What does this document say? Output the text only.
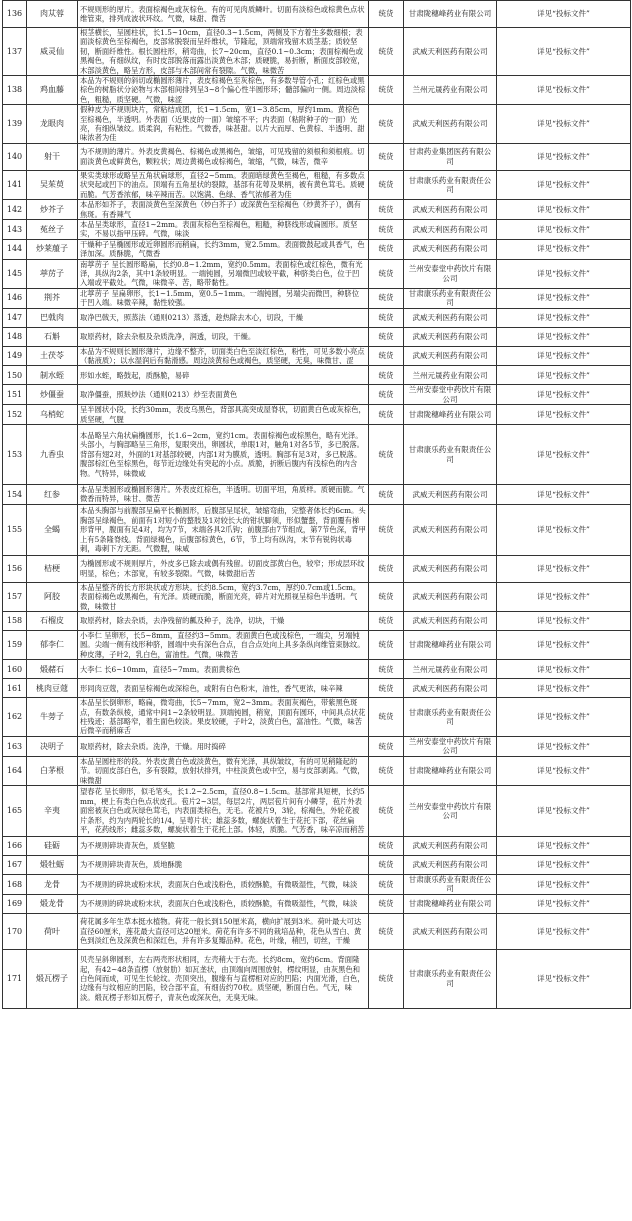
136	肉苁蓉	不规则形的厚片。表面棕褐色或灰棕色。有的可见肉质鳞叶。切面有淡棕色或棕黄色点状维管束，排列成波状环纹。气微，味甜、微苦	统货	甘肃陇穗峰药业有限公司	详见“投标文件”
137	威灵仙	根茎横长，呈圆柱状，长1.5~10cm，直径0.3~1.5cm，两侧及下方着生多数细根；表面淡棕黄色至棕褐色，皮部常脱裂而呈纤维状，节隆起，顶端常残留木质茎基；质较坚韧，断面纤维性。根长圆柱形，稍弯曲，长7~20cm，直径0.1~0.3cm；表面棕褐色或黑褐色，有细纵纹，有时皮部脱落而露出淡黄色木部；质硬脆，易折断，断面皮部较宽，木部淡黄色，略呈方形，皮部与木部间常有裂隙。气微，味微苦	统货	武威天利医药有限公司	详见“投标文件”
138	鸡血藤	本品为不规则的斜切或椭圆形薄片，表皮棕褐色至灰棕色，有多数导管小孔；红棕色或黑棕色的树脂状分泌物与木部相间排列呈3~8个偏心性半圆形环；髓部偏向一侧。周边淡棕色，粗糙，质坚硬。气微，味涩	统货	兰州元晟药业有限公司	详见“投标文件”
139	龙眼肉	假种皮为不规则块片，常粘结成团，长1~1.5cm，宽1~3.85cm，厚约1mm。黄棕色至棕褐色，半透明。外表面（近果皮的一面）皱缩不平；内表面（粘附种子的一面）光亮，有细纵皱纹。质柔润，有粘性。气微香，味甚甜。以片大而厚、色黄棕、半透明、甜味浓者为佳	统货	武威天利医药有限公司	详见“投标文件”
140	射干	为不规则的薄片。外表皮黄褐色、棕褐色或黑褐色，皱缩，可见残留的须根和须根痕。切面淡黄色或鲜黄色，颗粒状；周边黄褐色或棕褐色，皱缩，气微，味苦，微辛	统货	甘肃药业集团医药有限公司	详见“投标文件”
141	吴茱萸	果实类球形或略呈五角状扁球形，直径2~5mm。表面暗绿黄色至褐色，粗糙，有多数点状突起或凹下的油点。顶端有五角星状的裂隙，基部有花萼及果柄，被有黄色茸毛。质硬而脆。气芳香浓郁，味辛辣而苦。以饱满、色绿、香气浓郁者为佳	统货	甘肃康乐药业有限责任公司	详见“投标文件”
142	炒芥子	本品形如芥子，表面淡黄色至深黄色（炒白芥子）或深黄色至棕褐色（炒黄芥子），偶有焦斑。有香辣气	统货	武威天利医药有限公司	详见“投标文件”
143	菟丝子	本品呈类球形，直径1~2mm。表面灰棕色至棕褐色，粗糙，种脐线形或扁圆形。质坚实，不易以指甲压碎。气微，味淡	统货	武威天利医药有限公司	详见“投标文件”
144	炒莱菔子	干燥种子呈椭圆形或近卵圆形而稍扁，长约3mm，宽2.5mm。表面微鼓起或具香气，色泽加深。质酥脆，气微香	统货	武威天利医药有限公司	详见“投标文件”
145	葶苈子	南葶苈子 呈长圆形略扁，长约0.8~1.2mm，宽约0.5mm。表面棕色或红棕色，微有光泽，具纵沟2条，其中1条较明显。一端钝圆，另端微凹或较平截，种脐类白色，位于凹入端或平截处。气微，味微辛、苦，略带黏性。	统货	兰州安泰堂中药饮片有限公司	详见“投标文件”
146	荆芥	北葶苈子 呈扁卵形，长1~1.5mm，宽0.5~1mm。一端钝圆，另端尖而微凹，种脐位于凹入端。味微辛辣，黏性较强。	统货	甘肃康乐药业有限责任公司	详见“投标文件”
147	巴戟肉	取净巴戟天，照蒸法（通则0213）蒸透，趁热除去木心，切段，干燥	统货	武威天利医药有限公司	详见“投标文件”
148	石斛	取原药材，除去杂根及杂质洗净，润透，切段，干燥。	统货	武威天利医药有限公司	详见“投标文件”
149	土茯苓	本品为不规则长圆形薄片，边缘不整齐，切面类白色至淡红棕色，粉性，可见多数小亮点（黏液质）；以水湿润后有黏滑感。周边淡黄棕色或褐色，质坚硬，无臭，味微甘、涩	统货	武威天利医药有限公司	详见“投标文件”
150	制水蛭	形如水蛭，略鼓起，质酥脆，易碎	统货	兰州元晟药业有限公司	详见“投标文件”
151	炒僵蚕	取净僵蚕，照麸炒法（通则0213）炒至表面黄色	统货	兰州安泰堂中药饮片有限公司	详见“投标文件”
152	乌梢蛇	呈半圆状小段，长约30mm，表皮乌黑色，背部具高突成屋脊状，切面黄白色或灰棕色，质坚硬，气腥	统货	甘肃陇穗峰药业有限公司	详见“投标文件”
153	九香虫	本品略呈六角状扁椭圆形，长1.6~2cm，宽约1cm。表面棕褐色或棕黑色，略有光泽。头部小，与胸部略呈三角形，复眼突出，卵圆状，单眼1对，触角1对各5节，多已脱落。背部有翅2对，外面的1对基部较硬，内部1对为膜质，透明。胸部有足3对，多已脱落。腹部棕红色至棕黑色，每节近边缘处有突起的小点。质脆，折断后腹内有浅棕色的内含物。气特异，味微咸	统货	甘肃康乐药业有限责任公司	详见“投标文件”
154	红参	本品呈类圆形或椭圆形薄片。外表皮红棕色，半透明。切面平坦，角质样。质硬而脆。气微香而特异，味甘、微苦	统货	武威天利医药有限公司	详见“投标文件”
155	全蝎	本品头胸部与前腹部呈扁平长椭圆形，后腹部呈尾状，皱缩弯曲，完整者体长约6cm。头胸部呈绿褐色，前面有1对短小的螯肢及1对较长大的钳状脚须，形似蟹螯，背面覆有梯形背甲，腹面有足4对，均为7节，末端各具2爪钩；前腹部由7节组成，第7节色深，背甲上有5条隆脊线。背面绿褐色，后腹部棕黄色，6节，节上均有纵沟，末节有锐钩状毒刺，毒刺下方无距。气微腥，味咸	统货	武威天利医药有限公司	详见“投标文件”
156	桔梗	为椭圆形或不规则厚片，外皮多已除去或偶有残留。切面皮部黄白色，较窄；形成层环纹明显，棕色；木部宽，有较多裂隙。气微，味微甜后苦	统货	武威天利医药有限公司	详见“投标文件”
157	阿胶	本品呈整齐的长方形块状或方形块。长约8.5cm，宽约3.7cm，厚约0.7cm或1.5cm。表面棕褐色或黑褐色，有光泽。质硬而脆，断面光亮，碎片对光照视呈棕色半透明。气微，味微甘	统货	武威天利医药有限公司	详见“投标文件”
158	石榴皮	取原药材，除去杂质，去净残留的瓤及种子，洗净，切块，干燥	统货	武威天利医药有限公司	详见“投标文件”
159	郁李仁	小李仁 呈卵形，长5~8mm，直径约3~5mm。表面黄白色或浅棕色，一端尖，另端钝圆。尖端一侧有线形种脐，圆端中央有深色合点，自合点处向上具多条纵向维管束脉纹。种皮薄，子叶2，乳白色，富油性。气微，味微苦	统货	甘肃陇穗峰药业有限公司	详见“投标文件”
160	煅赭石	大李仁 长6~10mm，直径5~7mm。表面黄棕色	统货	兰州元晟药业有限公司	详见“投标文件”
161	桃肉豆蔻	形同肉豆蔻，表面呈棕褐色或深棕色，或附有白色粉末，油性，香气更浓，味辛辣	统货	武威天利医药有限公司	详见“投标文件”
162	牛蒡子	本品呈长倒卵形，略扁，微弯曲，长5~7mm，宽2~3mm。表面灰褐色，带紫黑色斑点，有数条纵棱，通常中间1~2条较明显。顶端钝圆，稍宽，顶面有圆环，中间具点状花柱残迹；基部略窄，着生面色较淡。果皮较硬，子叶2，淡黄白色，富油性。气微，味苦后微辛而稍麻舌	统货	甘肃康乐药业有限责任公司	详见“投标文件”
163	决明子	取原药材，除去杂质。洗净，干燥。用时捣碎	统货	兰州安泰堂中药饮片有限公司	详见“投标文件”
164	白茅根	本品呈圆柱形的段。外表皮黄白色或淡黄色，微有光泽，具纵皱纹，有的可见稍隆起的节。切面皮部白色，多有裂隙，放射状排列，中柱淡黄色或中空，易与皮部剥离。气微，味微甜	统货	甘肃陇穗峰药业有限公司	详见“投标文件”
165	辛夷	望春花 呈长卵形，似毛笔头，长1.2~2.5cm，直径0.8~1.5cm。基部常具短梗，长约5mm，梗上有类白色点状皮孔。苞片2~3层，每层2片，两层苞片间有小鳞芽，苞片外表面密被灰白色或灰绿色茸毛，内表面类棕色，无毛。花被片9，3轮，棕褐色，外轮花被片条形，约为内两轮长的1/4，呈萼片状；雄蕊多数，螺旋状着生于花托下部，花丝扁平，花药线形；雌蕊多数，螺旋状着生于花托上部。体轻，质脆。气芳香，味辛凉而稍苦	统货	兰州安泰堂中药饮片有限公司	详见“投标文件”
166	硅砺	为不规则碎块青灰色，质坚脆	统货	武威天利医药有限公司	详见“投标文件”
167	煅牡蛎	为不规则碎块青灰色，质地酥脆	统货	武威天利医药有限公司	详见“投标文件”
168	龙骨	为不规则的碎块或粉末状，表面灰白色或浅粉色，质较酥脆，有微吸湿性，气微，味淡	统货	甘肃康乐药业有限责任公司	详见“投标文件”
169	煅龙骨	为不规则的碎块或粉末状，表面灰白色或浅粉色，质较酥脆，有微吸湿性，气微，味淡	统货	甘肃陇穗峰药业有限公司	详见“投标文件”
170	荷叶	荷花属多年生草本挺水植物。荷花一般长到150厘米高，横向扩展到3米。荷叶最大可达直径60厘米，莲花最大直径可达20厘米。荷花有许多不同的栽培品种，花色从雪白、黄色到淡红色及深黄色和深红色，并有许多复瓣品种。花色，叶缘，稍凹，切丝，干燥	统货	武威天利医药有限公司	详见“投标文件”
171	煅瓦楞子	贝壳呈斜卵圆形，左右两壳形状相同，左壳稍大于右壳。长约8cm，宽约6cm。背面隆起，有42~48条直楞（放射肋）如瓦垄状，由顶端向周围放射，楞纹明显，由灰黑色和白色间而成，可见生长轮纹。壳顶突出，腹缘有与直楞相对应的凹陷；内面光滑，白色，边缘有与纹相应的凹陷，铰合部平直，有细齿约70枚。质坚硬，断面白色。气无，味淡。煅瓦楞子形如瓦楞子，青灰色或深灰色，无臭无味。	统货	甘肃康乐药业有限责任公司	详见“投标文件”
